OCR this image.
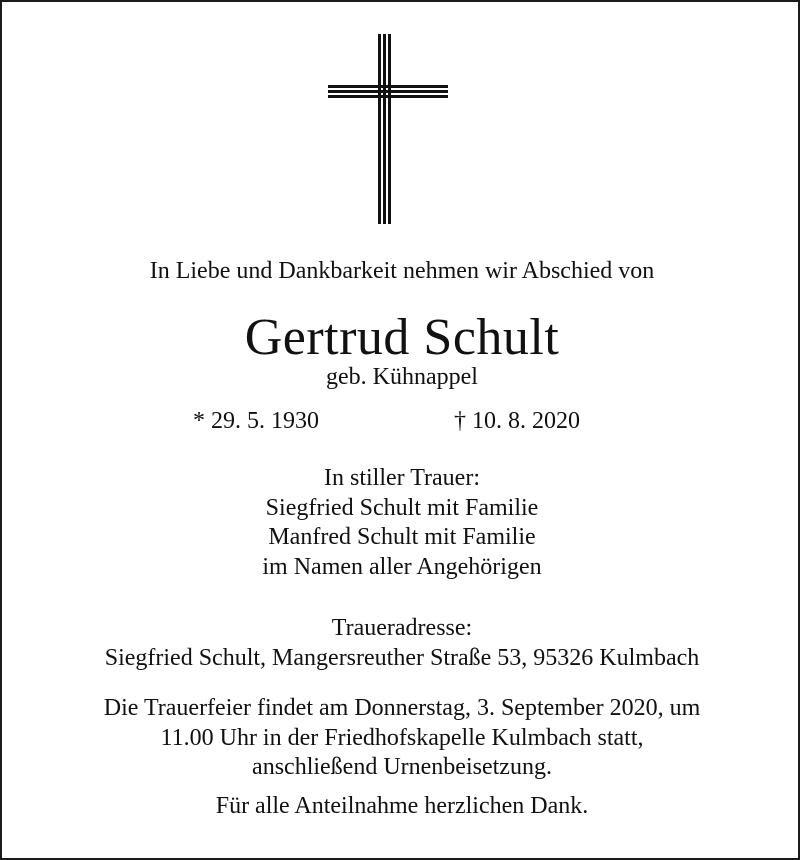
In Liebe und Dankbarkeit nehmen wir Abschied von
Gertrud Schult
geb. Kühnappel
* 29. 5. 1930	† 10. 8. 2020
In stiller Trauer:
Siegfried Schult mit Familie
Manfred Schult mit Familie
im Namen aller Angehörigen
Traueradresse:
Siegfried Schult, Mangersreuther Straße 53, 95326 Kulmbach
Die Trauerfeier findet am Donnerstag, 3. September 2020, um
11.00 Uhr in der Friedhofskapelle Kulmbach statt,
anschließend Urnenbeisetzung.
Für alle Anteilnahme herzlichen Dank.
